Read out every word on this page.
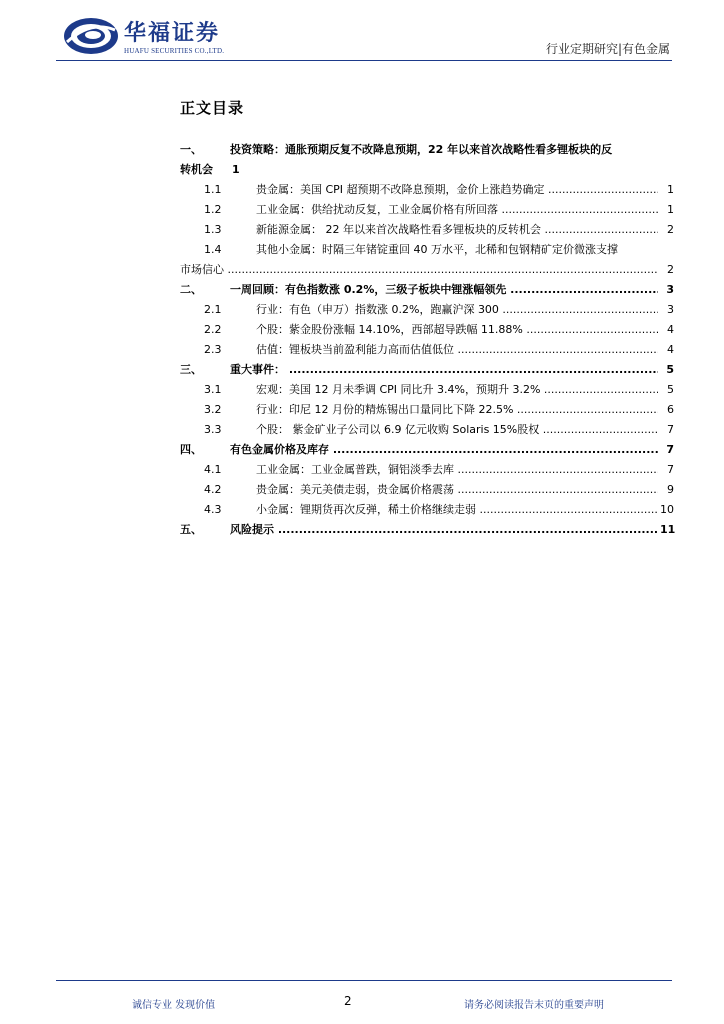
华福证券
HUAFU SECURITIES CO.,LTD.	行业定期研究|有色金属
正文目录
一、	投资策略：通胀预期反复不改降息预期，22 年以来首次战略性看多锂板块的反
转机会 1
1.1	贵金属：美国 CPI 超预期不改降息预期，金价上涨趋势确定 .....	1
1.2	工业金属：供给扰动反复，工业金属价格有所回落 .....	1
1.3	新能源金属： 22 年以来首次战略性看多锂板块的反转机会 .....	2
1.4	其他小金属：时隔三年锗锭重回 40 万水平，北稀和包钢精矿定价微涨支撑
市场信心 .....	2
二、	一周回顾：有色指数涨 0.2%，三级子板块中锂涨幅领先 .....	3
2.1	行业：有色（申万）指数涨 0.2%，跑赢沪深 300 .....	3
2.2	个股：紫金股份涨幅 14.10%，西部超导跌幅 11.88% .....	4
2.3	估值：锂板块当前盈利能力高而估值低位 .....	4
三、	重大事件： .....	5
3.1	宏观：美国 12 月未季调 CPI 同比升 3.4%，预期升 3.2% .....	5
3.2	行业：印尼 12 月份的精炼锡出口量同比下降 22.5% .....	6
3.3	个股： 紫金矿业子公司以 6.9 亿元收购 Solaris 15%股权 .....	7
四、	有色金属价格及库存 .....	7
4.1	工业金属：工业金属普跌，铜铝淡季去库 .....	7
4.2	贵金属：美元美债走弱，贵金属价格震荡 .....	9
4.3	小金属：锂期货再次反弹，稀土价格继续走弱 .....	10
五、	风险提示 .....	11
诚信专业 发现价值	2	请务必阅读报告末页的重要声明
